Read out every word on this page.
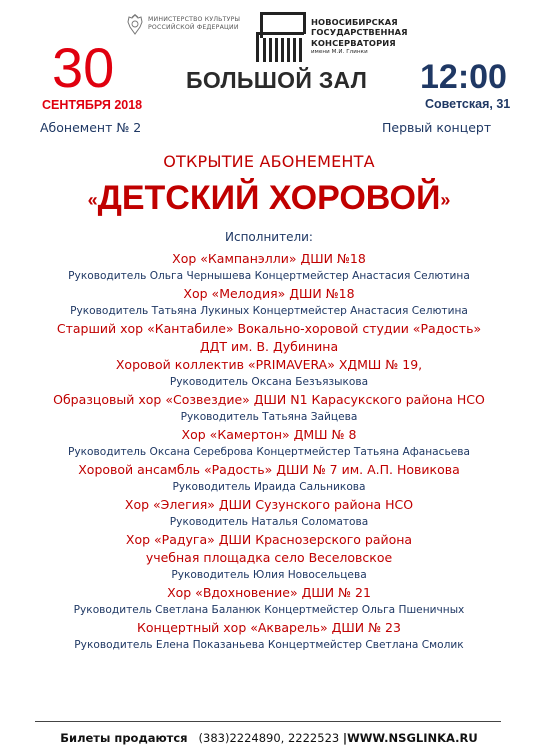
МИНИСТЕРСТВО КУЛЬТУРЫ
РОССИЙСКОЙ ФЕДЕРАЦИИ
НОВОСИБИРСКАЯ
ГОСУДАРСТВЕННАЯ
КОНСЕРВАТОРИЯ
имени М.И. Глинки
30
СЕНТЯБРЯ 2018
БОЛЬШОЙ ЗАЛ 12:00
Советская, 31
Абонемент № 2	Первый концерт
ОТКРЫТИЕ АБОНЕМЕНТА
«ДЕТСКИЙ ХОРОВОЙ»
Исполнители:
Хор «Кампанэлли» ДШИ №18
Руководитель Ольга Чернышева Концертмейстер Анастасия Селютина
Хор «Мелодия» ДШИ №18
Руководитель Татьяна Лукиных Концертмейстер Анастасия Селютина
Старший хор «Кантабиле» Вокально-хоровой студии «Радость»
ДДТ им. В. Дубинина
Хоровой коллектив «PRIMAVERA» ХДМШ № 19,
Руководитель Оксана Безъязыкова
Образцовый хор «Созвездие» ДШИ N1 Карасукского района НСО
Руководитель Татьяна Зайцева
Хор «Камертон» ДМШ № 8
Руководитель Оксана Сереброва Концертмейстер Татьяна Афанасьева
Хоровой ансамбль «Радость» ДШИ № 7 им. А.П. Новикова
Руководитель Ираида Сальникова
Хор «Элегия» ДШИ Сузунского района НСО
Руководитель Наталья Соломатова
Хор «Радуга» ДШИ Краснозерского района
учебная площадка село Веселовское
Руководитель Юлия Новосельцева
Хор «Вдохновение» ДШИ № 21
Руководитель Светлана Баланюк Концертмейстер Ольга Пшеничных
Концертный хор «Акварель» ДШИ № 23
Руководитель Елена Показаньева Концертмейстер Светлана Смолик
Билеты продаются (383)2224890, 2222523 |WWW.NSGLINKA.RU
